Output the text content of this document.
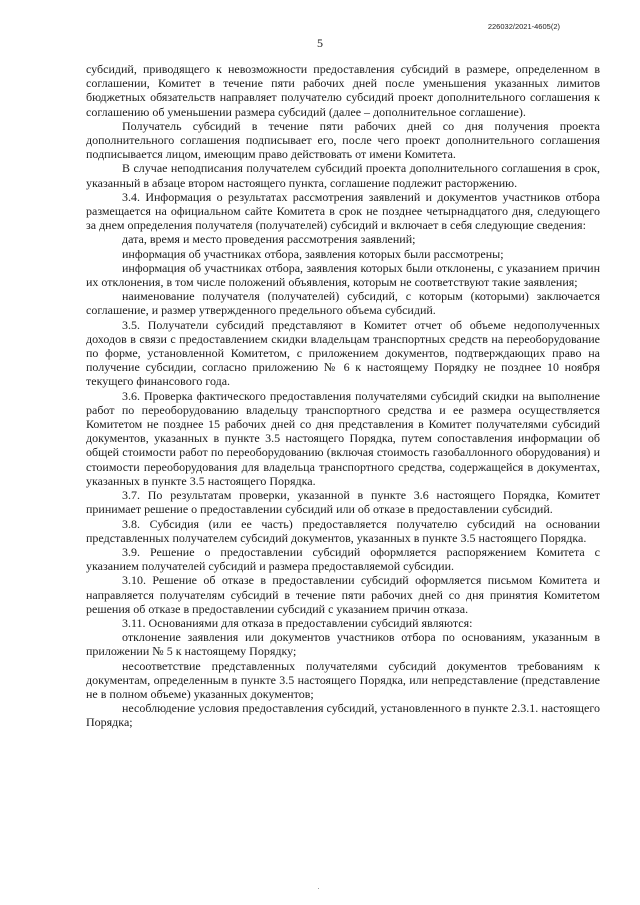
226032/2021-4605(2)
5

субсидий, приводящего к невозможности предоставления субсидий в размере, определенном в соглашении, Комитет в течение пяти рабочих дней после уменьшения указанных лимитов бюджетных обязательств направляет получателю субсидий проект дополнительного соглашения к соглашению об уменьшении размера субсидий (далее – дополнительное соглашение).

Получатель субсидий в течение пяти рабочих дней со дня получения проекта дополнительного соглашения подписывает его, после чего проект дополнительного соглашения подписывается лицом, имеющим право действовать от имени Комитета.

В случае неподписания получателем субсидий проекта дополнительного соглашения в срок, указанный в абзаце втором настоящего пункта, соглашение подлежит расторжению.

3.4. Информация о результатах рассмотрения заявлений и документов участников отбора размещается на официальном сайте Комитета в срок не позднее четырнадцатого дня, следующего за днем определения получателя (получателей) субсидий и включает в себя следующие сведения:

дата, время и место проведения рассмотрения заявлений;

информация об участниках отбора, заявления которых были рассмотрены;

информация об участниках отбора, заявления которых были отклонены, с указанием причин их отклонения, в том числе положений объявления, которым не соответствуют такие заявления;

наименование получателя (получателей) субсидий, с которым (которыми) заключается соглашение, и размер утвержденного предельного объема субсидий.

3.5. Получатели субсидий представляют в Комитет отчет об объеме недополученных доходов в связи с предоставлением скидки владельцам транспортных средств на переоборудование по форме, установленной Комитетом, с приложением документов, подтверждающих право на получение субсидии, согласно приложению № 6 к настоящему Порядку не позднее 10 ноября текущего финансового года.

3.6. Проверка фактического предоставления получателями субсидий скидки на выполнение работ по переоборудованию владельцу транспортного средства и ее размера осуществляется Комитетом не позднее 15 рабочих дней со дня представления в Комитет получателями субсидий документов, указанных в пункте 3.5 настоящего Порядка, путем сопоставления информации об общей стоимости работ по переоборудованию (включая стоимость газобаллонного оборудования) и стоимости переоборудования для владельца транспортного средства, содержащейся в документах, указанных в пункте 3.5 настоящего Порядка.

3.7. По результатам проверки, указанной в пункте 3.6 настоящего Порядка, Комитет принимает решение о предоставлении субсидий или об отказе в предоставлении субсидий.

3.8. Субсидия (или ее часть) предоставляется получателю субсидий на основании представленных получателем субсидий документов, указанных в пункте 3.5 настоящего Порядка.

3.9. Решение о предоставлении субсидий оформляется распоряжением Комитета с указанием получателей субсидий и размера предоставляемой субсидии.

3.10. Решение об отказе в предоставлении субсидий оформляется письмом Комитета и направляется получателям субсидий в течение пяти рабочих дней со дня принятия Комитетом решения об отказе в предоставлении субсидий с указанием причин отказа.

3.11. Основаниями для отказа в предоставлении субсидий являются:

отклонение заявления или документов участников отбора по основаниям, указанным в приложении № 5 к настоящему Порядку;

несоответствие представленных получателями субсидий документов требованиям к документам, определенным в пункте 3.5 настоящего Порядка, или непредставление (представление не в полном объеме) указанных документов;

несоблюдение условия предоставления субсидий, установленного в пункте 2.3.1. настоящего Порядка;
